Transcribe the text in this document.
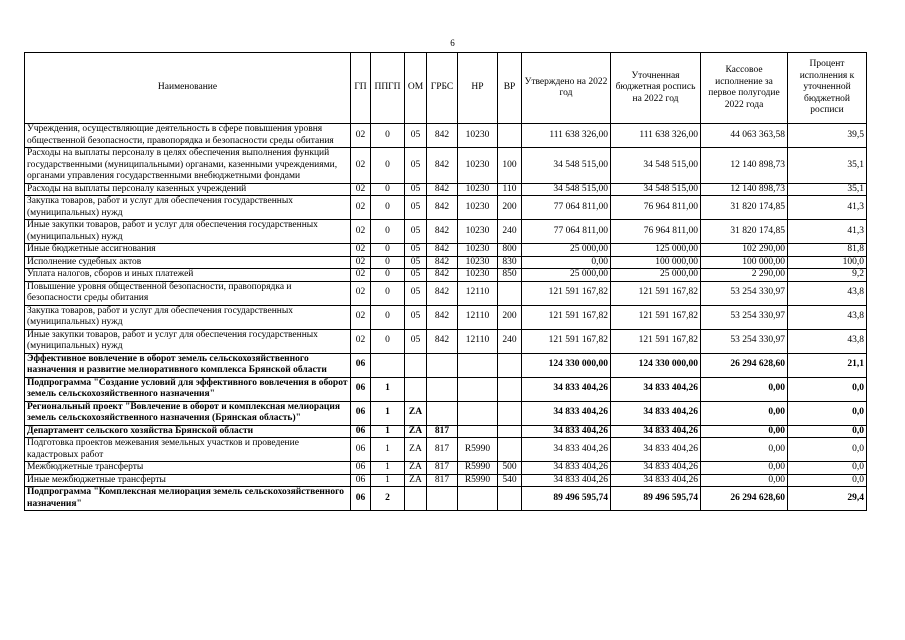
6
Наименование	ГП	ППГП	ОМ	ГРБС	НР	ВР	Утверждено на 2022 год	Уточненная бюджетная роспись на 2022 год	Кассовое исполнение за первое полугодие 2022 года	Процент исполнения к уточненной бюджетной росписи
Учреждения, осуществляющие деятельность в сфере повышения уровня общественной безопасности, правопорядка и безопасности среды обитания	02	0	05	842	10230		111 638 326,00	111 638 326,00	44 063 363,58	39,5
Расходы на выплаты персоналу в целях обеспечения выполнения функций государственными (муниципальными) органами, казенными учреждениями, органами управления государственными внебюджетными фондами	02	0	05	842	10230	100	34 548 515,00	34 548 515,00	12 140 898,73	35,1
Расходы на выплаты персоналу казенных учреждений	02	0	05	842	10230	110	34 548 515,00	34 548 515,00	12 140 898,73	35,1
Закупка товаров, работ и услуг для обеспечения государственных (муниципальных) нужд	02	0	05	842	10230	200	77 064 811,00	76 964 811,00	31 820 174,85	41,3
Иные закупки товаров, работ и услуг для обеспечения государственных (муниципальных) нужд	02	0	05	842	10230	240	77 064 811,00	76 964 811,00	31 820 174,85	41,3
Иные бюджетные ассигнования	02	0	05	842	10230	800	25 000,00	125 000,00	102 290,00	81,8
Исполнение судебных актов	02	0	05	842	10230	830	0,00	100 000,00	100 000,00	100,0
Уплата налогов, сборов и иных платежей	02	0	05	842	10230	850	25 000,00	25 000,00	2 290,00	9,2
Повышение уровня общественной безопасности, правопорядка и безопасности среды обитания	02	0	05	842	12110		121 591 167,82	121 591 167,82	53 254 330,97	43,8
Закупка товаров, работ и услуг для обеспечения государственных (муниципальных) нужд	02	0	05	842	12110	200	121 591 167,82	121 591 167,82	53 254 330,97	43,8
Иные закупки товаров, работ и услуг для обеспечения государственных (муниципальных) нужд	02	0	05	842	12110	240	121 591 167,82	121 591 167,82	53 254 330,97	43,8
Эффективное вовлечение в оборот земель сельскохозяйственного назначения и развитие мелиоративного комплекса Брянской области	06						124 330 000,00	124 330 000,00	26 294 628,60	21,1
Подпрограмма "Создание условий для эффективного вовлечения в оборот земель сельскохозяйственного назначения"	06	1					34 833 404,26	34 833 404,26	0,00	0,0
Региональный проект "Вовлечение в оборот и комплексная мелиорация земель сельскохозяйственного назначения (Брянская область)"	06	1	ZA				34 833 404,26	34 833 404,26	0,00	0,0
Департамент сельского хозяйства Брянской области	06	1	ZA	817			34 833 404,26	34 833 404,26	0,00	0,0
Подготовка проектов межевания земельных участков и проведение кадастровых работ	06	1	ZA	817	R5990		34 833 404,26	34 833 404,26	0,00	0,0
Межбюджетные трансферты	06	1	ZA	817	R5990	500	34 833 404,26	34 833 404,26	0,00	0,0
Иные межбюджетные трансферты	06	1	ZA	817	R5990	540	34 833 404,26	34 833 404,26	0,00	0,0
Подпрограмма "Комплексная мелиорация земель сельскохозяйственного назначения"	06	2					89 496 595,74	89 496 595,74	26 294 628,60	29,4
